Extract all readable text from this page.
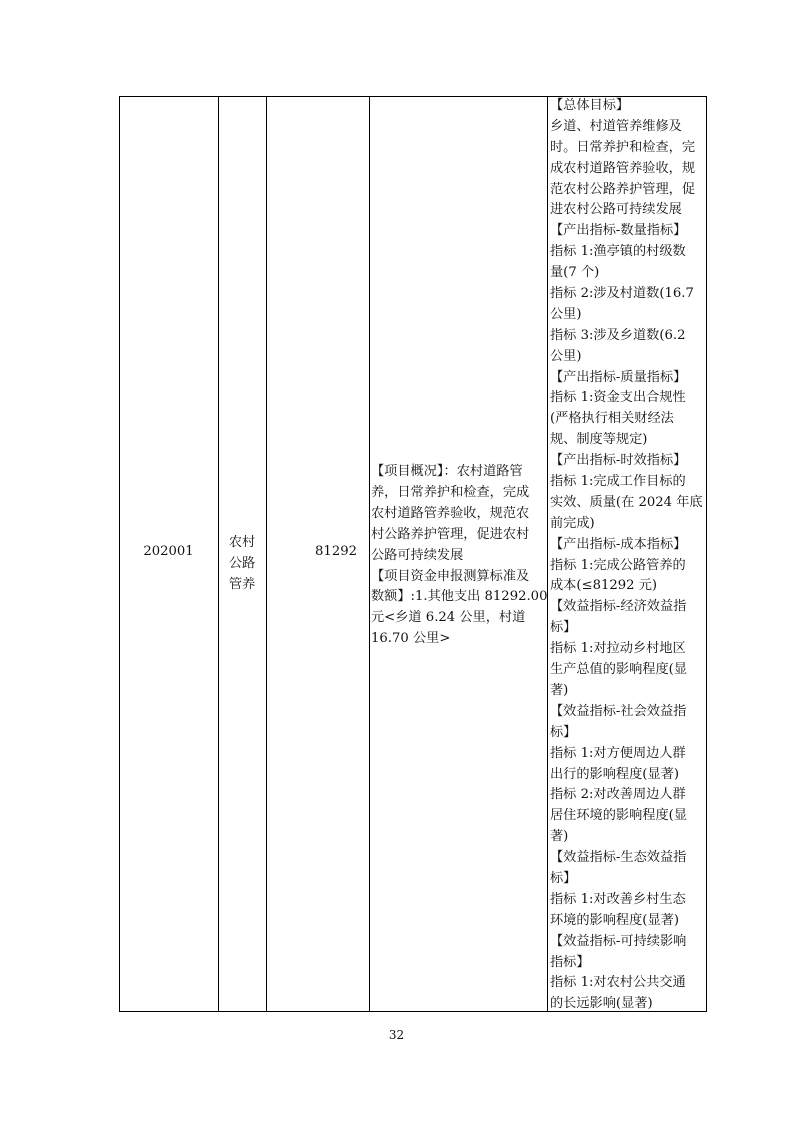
202001
农村
公路
管养
81292
【项目概况】：农村道路管
养，日常养护和检查，完成
农村道路管养验收，规范农
村公路养护管理，促进农村
公路可持续发展
【项目资金申报测算标准及
数额】:1.其他支出 81292.00
元<乡道 6.24 公里，村道
16.70 公里>
【总体目标】
乡道、村道管养维修及
时。日常养护和检查，完
成农村道路管养验收，规
范农村公路养护管理，促
进农村公路可持续发展
【产出指标-数量指标】
指标 1:渔亭镇的村级数
量(7 个)
指标 2:涉及村道数(16.7
公里)
指标 3:涉及乡道数(6.2
公里)
【产出指标-质量指标】
指标 1:资金支出合规性
(严格执行相关财经法
规、制度等规定)
【产出指标-时效指标】
指标 1:完成工作目标的
实效、质量(在 2024 年底
前完成)
【产出指标-成本指标】
指标 1:完成公路管养的
成本(≤81292 元)
【效益指标-经济效益指
标】
指标 1:对拉动乡村地区
生产总值的影响程度(显
著)
【效益指标-社会效益指
标】
指标 1:对方便周边人群
出行的影响程度(显著)
指标 2:对改善周边人群
居住环境的影响程度(显
著)
【效益指标-生态效益指
标】
指标 1:对改善乡村生态
环境的影响程度(显著)
【效益指标-可持续影响
指标】
指标 1:对农村公共交通
的长远影响(显著)
32
